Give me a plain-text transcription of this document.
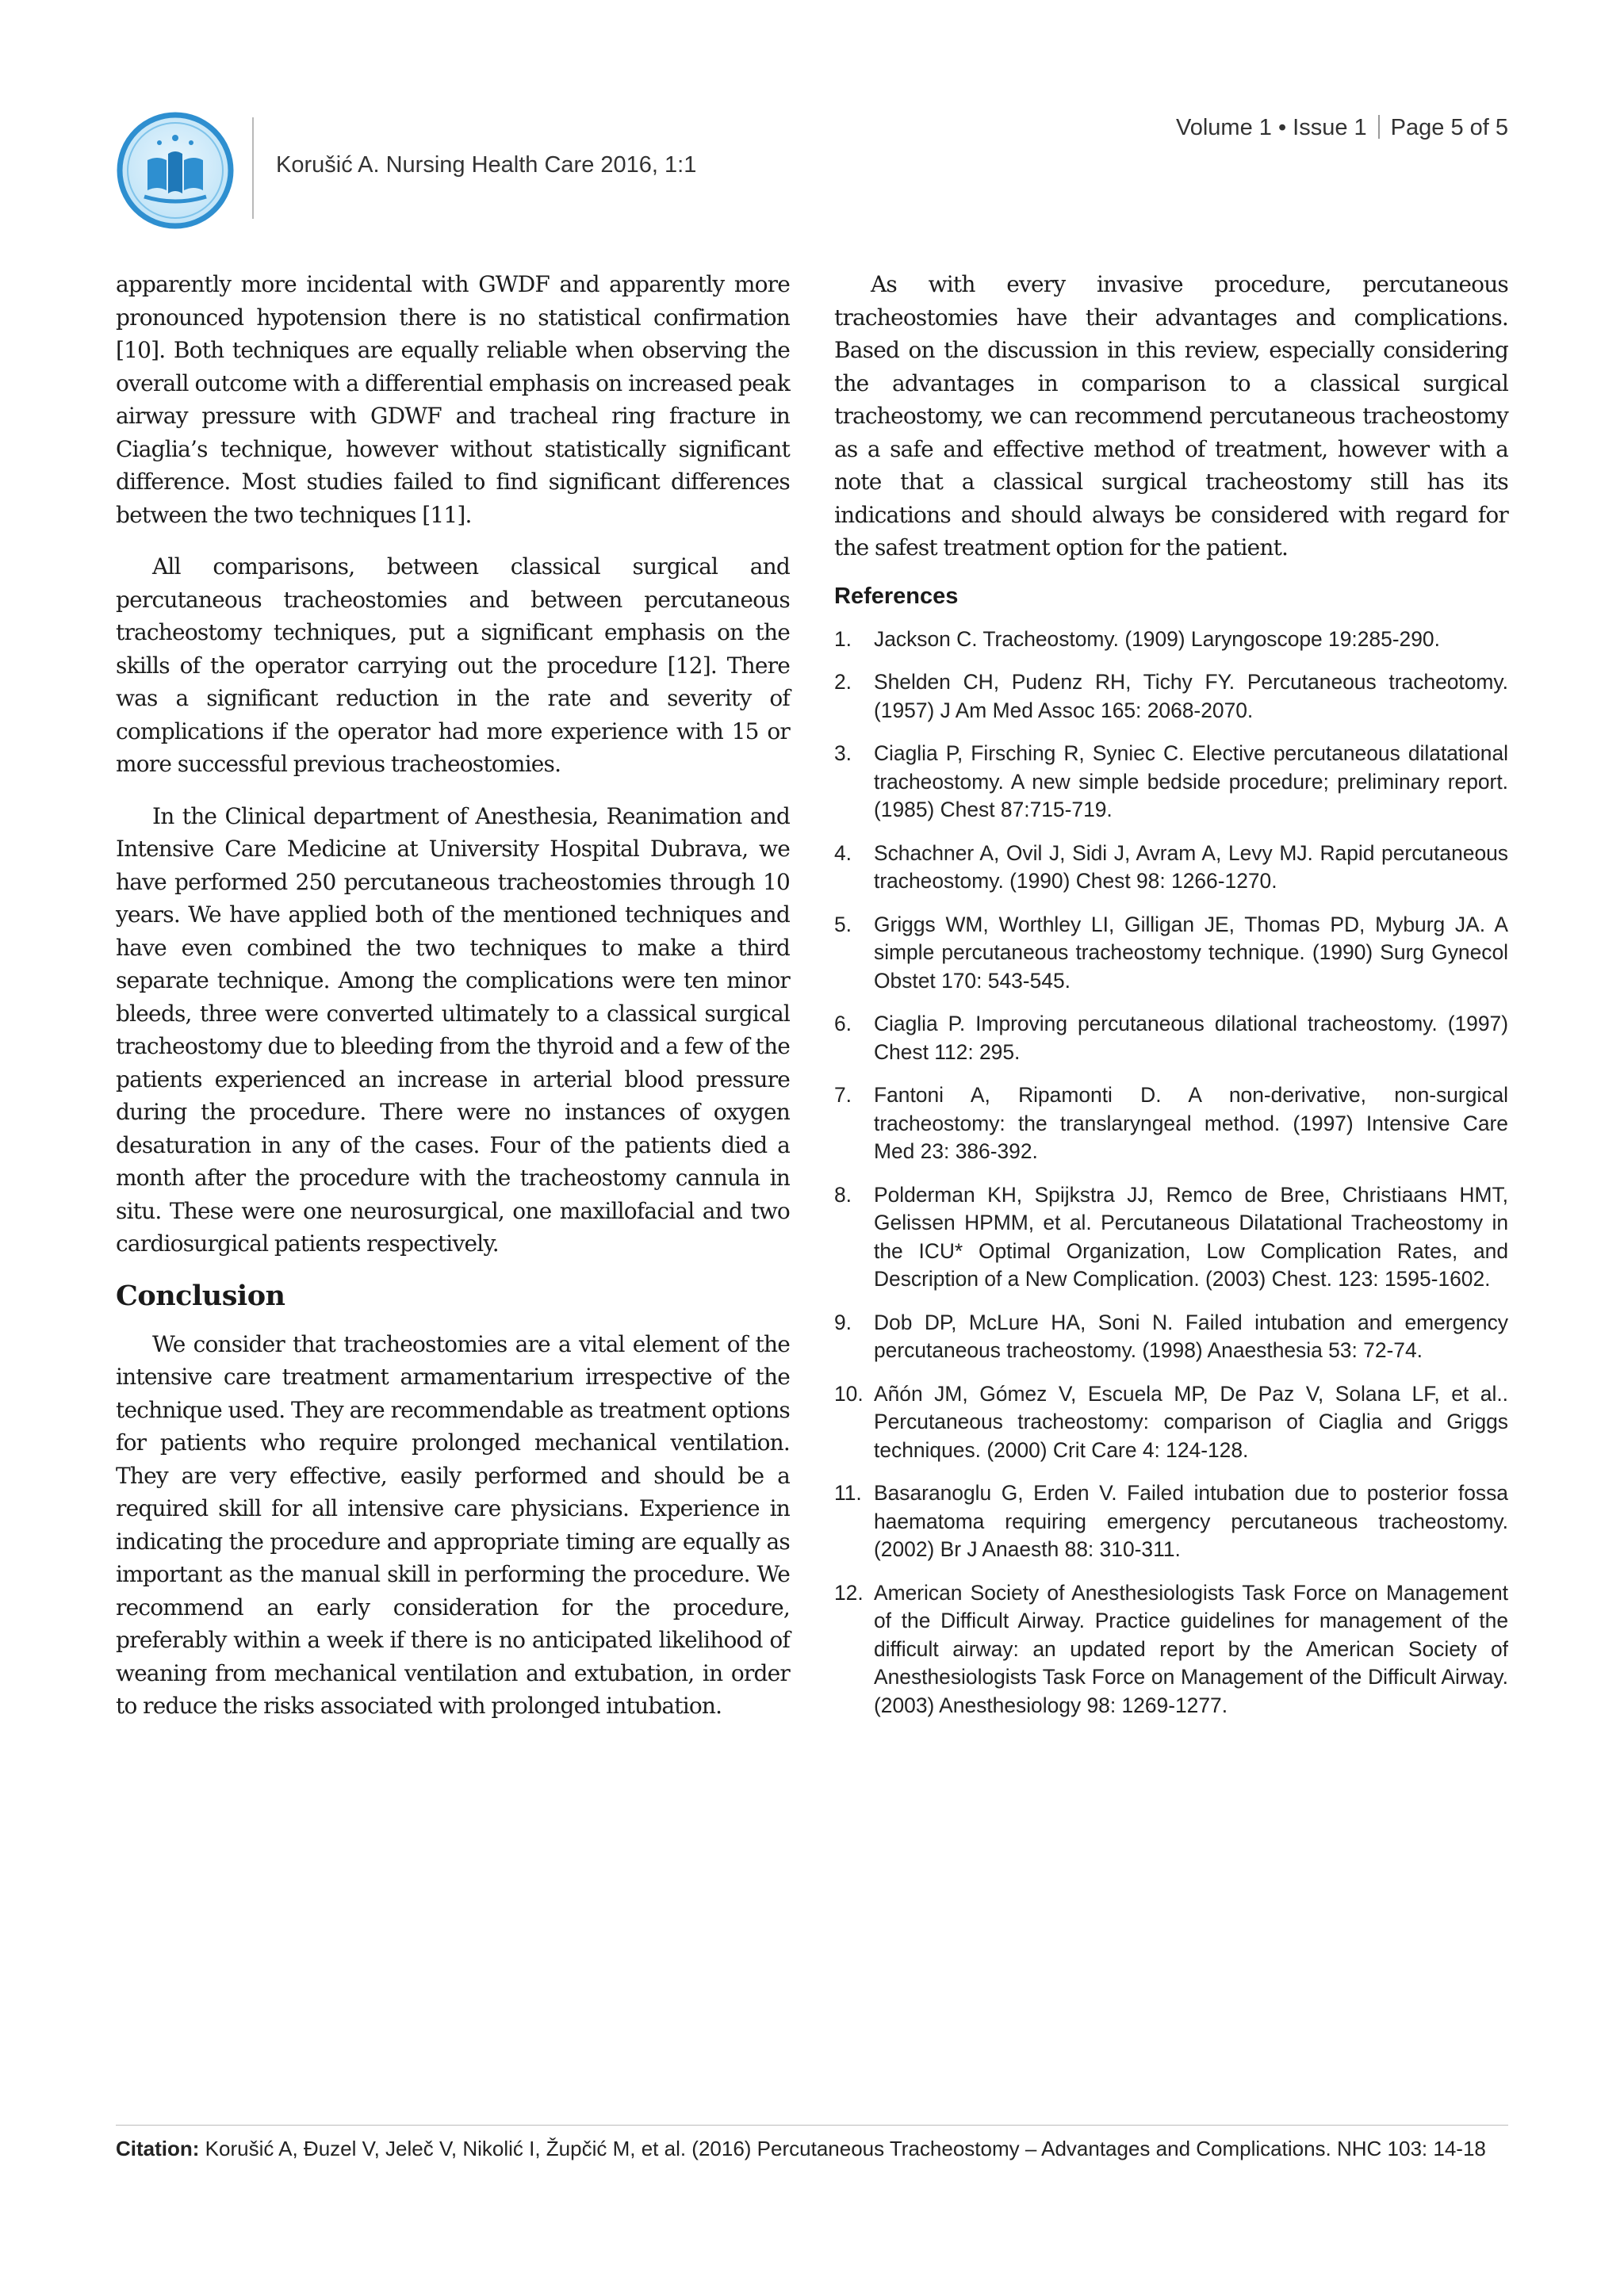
Korušić A. Nursing Health Care 2016, 1:1
Volume 1 • Issue 1 Page 5 of 5

apparently more incidental with GWDF and apparently more pronounced hypotension there is no statistical confirmation [10]. Both techniques are equally reliable when observing the overall outcome with a differential emphasis on increased peak airway pressure with GDWF and tracheal ring fracture in Ciaglia’s technique, however without statistically significant difference. Most studies failed to find significant differences between the two techniques [11].

All comparisons, between classical surgical and percutaneous tracheostomies and between percutaneous tracheostomy techniques, put a significant emphasis on the skills of the operator carrying out the procedure [12]. There was a significant reduction in the rate and severity of complications if the operator had more experience with 15 or more successful previous tracheostomies.

In the Clinical department of Anesthesia, Reanimation and Intensive Care Medicine at University Hospital Dubrava, we have performed 250 percutaneous tracheostomies through 10 years. We have applied both of the mentioned techniques and have even combined the two techniques to make a third separate technique. Among the complications were ten minor bleeds, three were converted ultimately to a classical surgical tracheostomy due to bleeding from the thyroid and a few of the patients experienced an increase in arterial blood pressure during the procedure. There were no instances of oxygen desaturation in any of the cases. Four of the patients died a month after the procedure with the tracheostomy cannula in situ. These were one neurosurgical, one maxillofacial and two cardiosurgical patients respectively.

Conclusion

We consider that tracheostomies are a vital element of the intensive care treatment armamentarium irrespective of the technique used. They are recommendable as treatment options for patients who require prolonged mechanical ventilation. They are very effective, easily performed and should be a required skill for all intensive care physicians. Experience in indicating the procedure and appropriate timing are equally as important as the manual skill in performing the procedure. We recommend an early consideration for the procedure, preferably within a week if there is no anticipated likelihood of weaning from mechanical ventilation and extubation, in order to reduce the risks associated with prolonged intubation.

As with every invasive procedure, percutaneous tracheostomies have their advantages and complications. Based on the discussion in this review, especially considering the advantages in comparison to a classical surgical tracheostomy, we can recommend percutaneous tracheostomy as a safe and effective method of treatment, however with a note that a classical surgical tracheostomy still has its indications and should always be considered with regard for the safest treatment option for the patient.

References
1. Jackson C. Tracheostomy. (1909) Laryngoscope 19:285-290.
2. Shelden CH, Pudenz RH, Tichy FY. Percutaneous tracheotomy. (1957) J Am Med Assoc 165: 2068-2070.
3. Ciaglia P, Firsching R, Syniec C. Elective percutaneous dilatational tracheostomy. A new simple bedside procedure; preliminary report. (1985) Chest 87:715-719.
4. Schachner A, Ovil J, Sidi J, Avram A, Levy MJ. Rapid percutaneous tracheostomy. (1990) Chest 98: 1266-1270.
5. Griggs WM, Worthley LI, Gilligan JE, Thomas PD, Myburg JA. A simple percutaneous tracheostomy technique. (1990) Surg Gynecol Obstet 170: 543-545.
6. Ciaglia P. Improving percutaneous dilational tracheostomy. (1997) Chest 112: 295.
7. Fantoni A, Ripamonti D. A non-derivative, non-surgical tracheostomy: the translaryngeal method. (1997) Intensive Care Med 23: 386-392.
8. Polderman KH, Spijkstra JJ, Remco de Bree, Christiaans HMT, Gelissen HPMM, et al. Percutaneous Dilatational Tracheostomy in the ICU* Optimal Organization, Low Complication Rates, and Description of a New Complication. (2003) Chest. 123: 1595-1602.
9. Dob DP, McLure HA, Soni N. Failed intubation and emergency percutaneous tracheostomy. (1998) Anaesthesia 53: 72-74.
10. Añón JM, Gómez V, Escuela MP, De Paz V, Solana LF, et al.. Percutaneous tracheostomy: comparison of Ciaglia and Griggs techniques. (2000) Crit Care 4: 124-128.
11. Basaranoglu G, Erden V. Failed intubation due to posterior fossa haematoma requiring emergency percutaneous tracheostomy. (2002) Br J Anaesth 88: 310-311.
12. American Society of Anesthesiologists Task Force on Management of the Difficult Airway. Practice guidelines for management of the difficult airway: an updated report by the American Society of Anesthesiologists Task Force on Management of the Difficult Airway. (2003) Anesthesiology 98: 1269-1277.
Citation: Korušić A, Đuzel V, Jeleč V, Nikolić I, Župčić M, et al. (2016) Percutaneous Tracheostomy – Advantages and Complications. NHC 103: 14-18
